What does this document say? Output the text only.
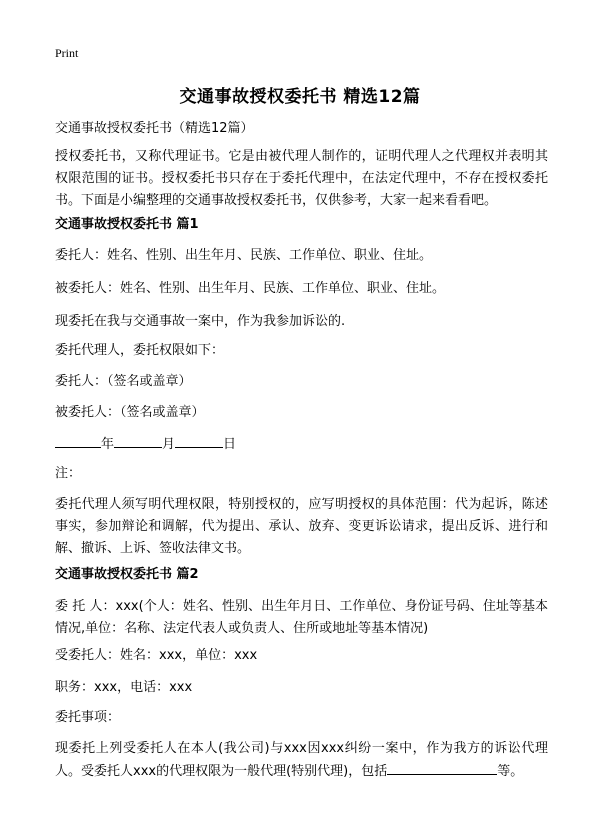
Print
交通事故授权委托书 精选12篇
交通事故授权委托书（精选12篇）
授权委托书，又称代理证书。它是由被代理人制作的，证明代理人之代理权并表明其权限范围的证书。授权委托书只存在于委托代理中，在法定代理中，不存在授权委托书。下面是小编整理的交通事故授权委托书，仅供参考，大家一起来看看吧。
交通事故授权委托书 篇1
委托人：姓名、性别、出生年月、民族、工作单位、职业、住址。
被委托人：姓名、性别、出生年月、民族、工作单位、职业、住址。
现委托在我与交通事故一案中，作为我参加诉讼的.
委托代理人，委托权限如下：
委托人：（签名或盖章）
被委托人：（签名或盖章）
年	月	日
注：
委托代理人须写明代理权限，特别授权的，应写明授权的具体范围：代为起诉，陈述事实，参加辩论和调解，代为提出、承认、放弃、变更诉讼请求，提出反诉、进行和解、撤诉、上诉、签收法律文书。
交通事故授权委托书 篇2
委 托 人：xxx(个人：姓名、性别、出生年月日、工作单位、身份证号码、住址等基本情况,单位：名称、法定代表人或负责人、住所或地址等基本情况)
受委托人：姓名：xxx，单位：xxx
职务：xxx，电话：xxx
委托事项：
现委托上列受委托人在本人(我公司)与xxx因xxx纠纷一案中，作为我方的诉讼代理人。受委托人xxx的代理权限为一般代理(特别代理)，包括	等。
